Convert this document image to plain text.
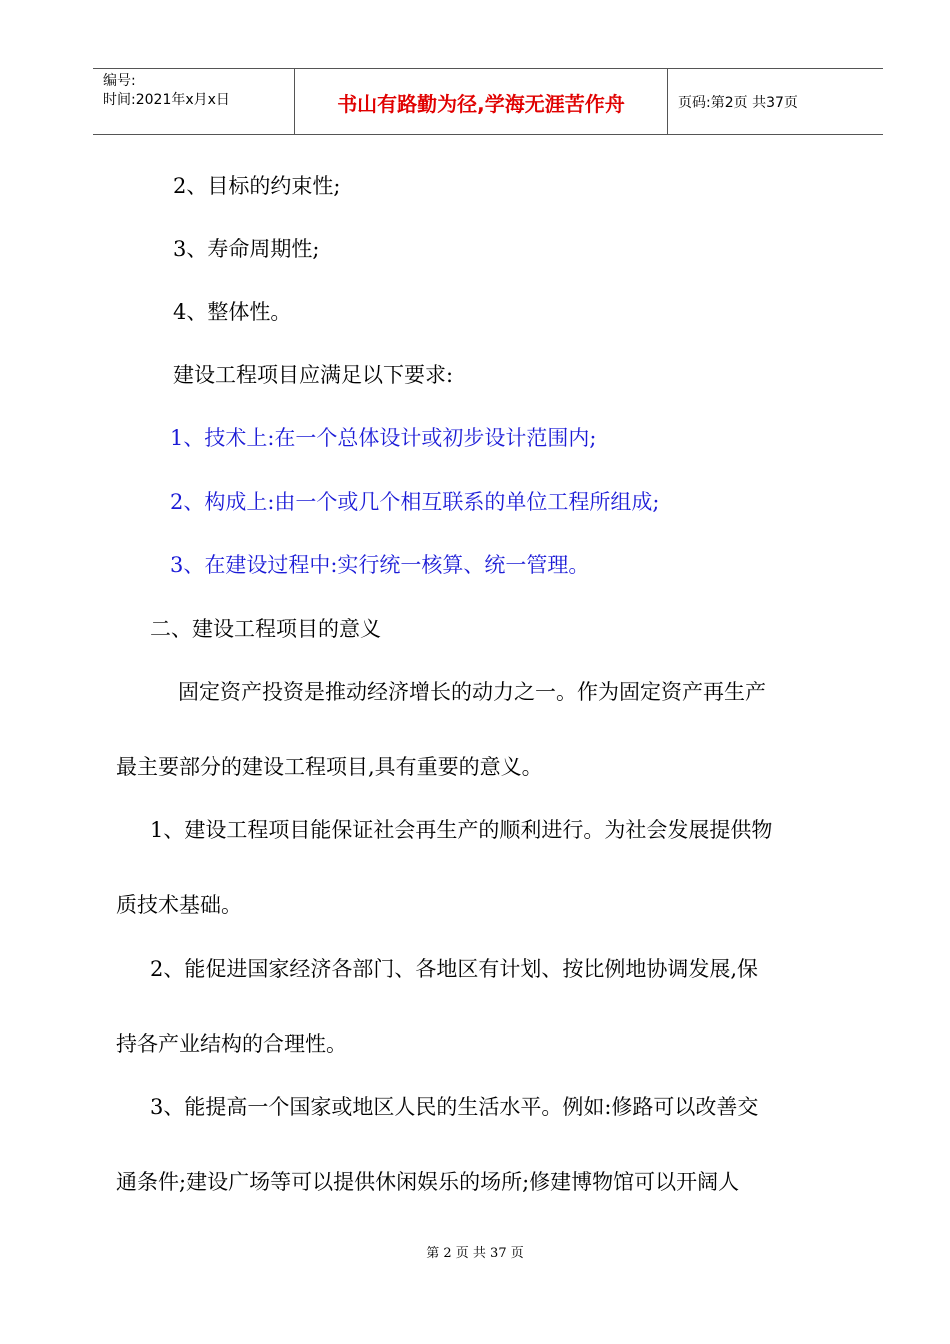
编号:
时间:2021年x月x日	书山有路勤为径,学海无涯苦作舟	页码:第2页 共37页
2、目标的约束性;
3、寿命周期性;
4、整体性。
建设工程项目应满足以下要求:
1、技术上:在一个总体设计或初步设计范围内;
2、构成上:由一个或几个相互联系的单位工程所组成;
3、在建设过程中:实行统一核算、统一管理。
二、建设工程项目的意义
固定资产投资是推动经济增长的动力之一。作为固定资产再生产
最主要部分的建设工程项目,具有重要的意义。
1、建设工程项目能保证社会再生产的顺利进行。为社会发展提供物
质技术基础。
2、能促进国家经济各部门、各地区有计划、按比例地协调发展,保
持各产业结构的合理性。
3、能提高一个国家或地区人民的生活水平。例如:修路可以改善交
通条件;建设广场等可以提供休闲娱乐的场所;修建博物馆可以开阔人
第 2 页 共 37 页
